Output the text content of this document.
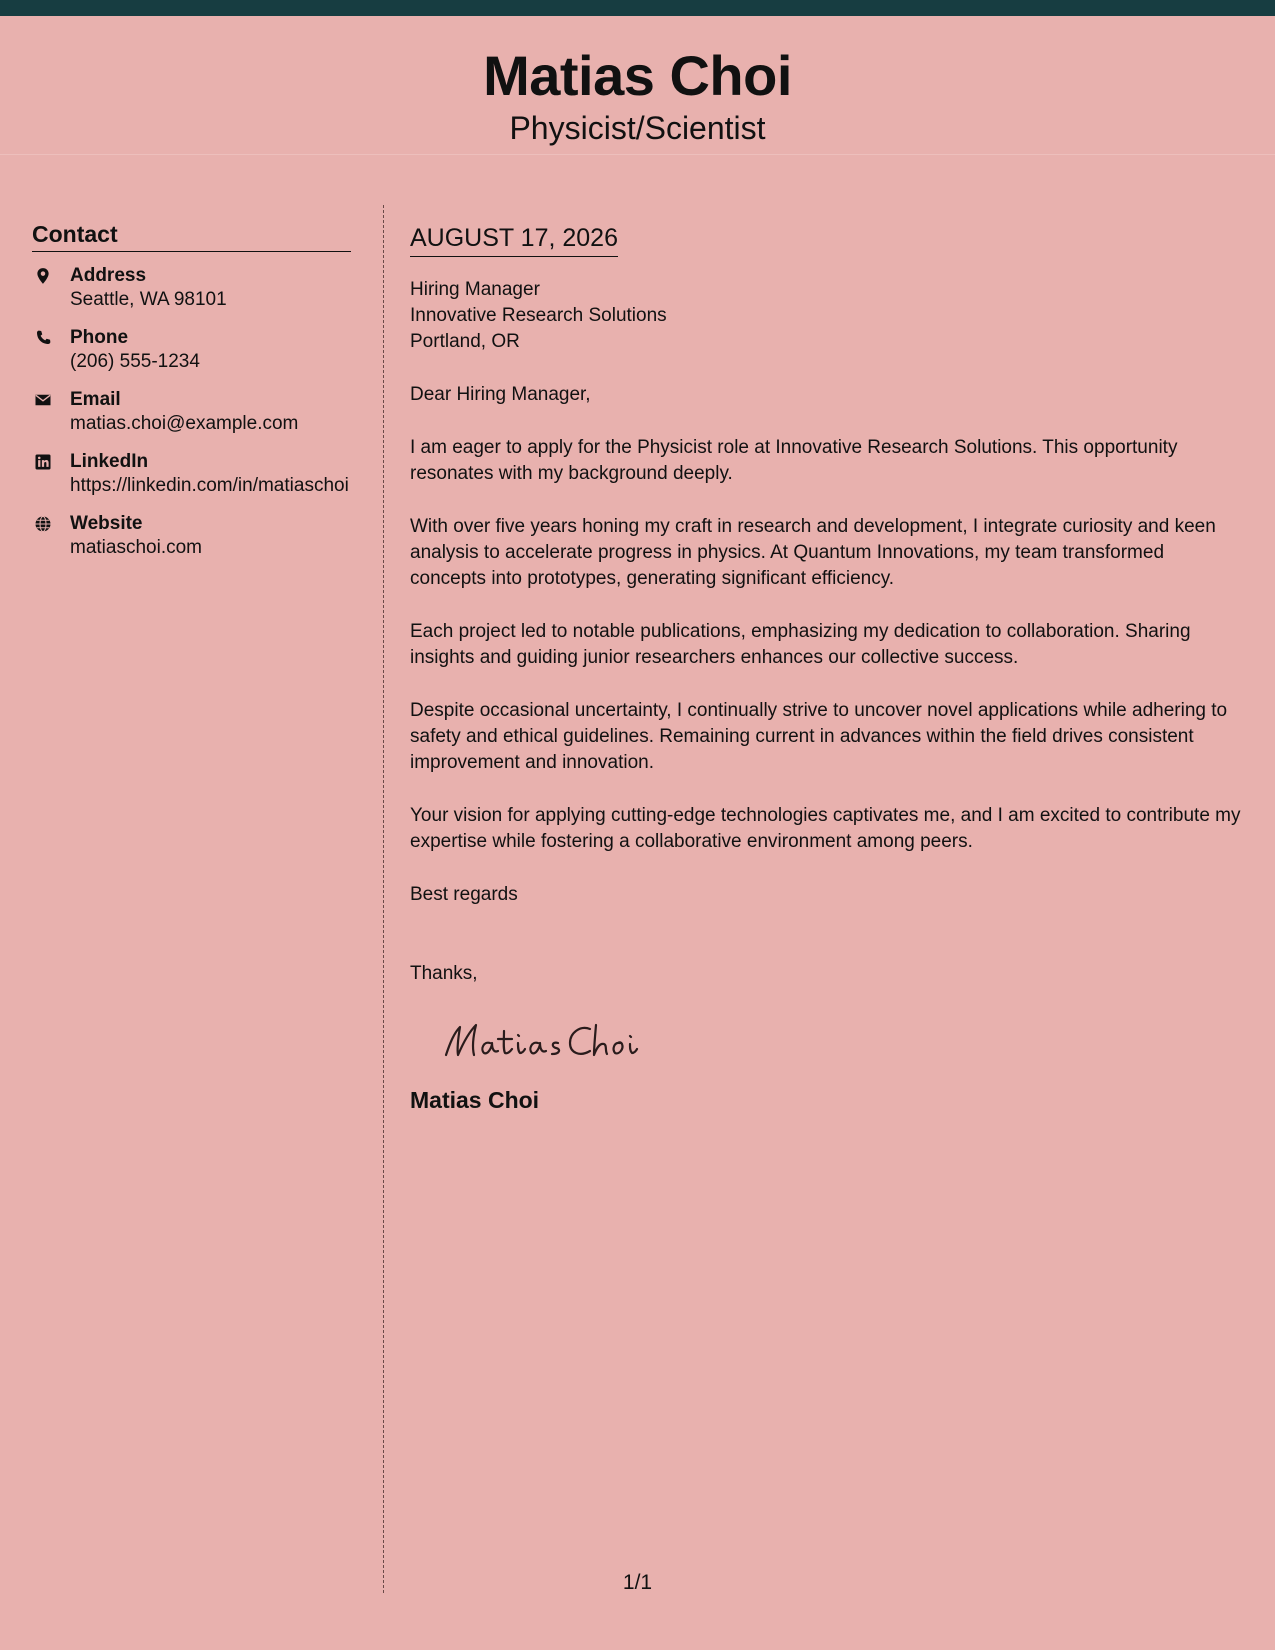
Matias Choi
Physicist/Scientist
Contact
Address
Seattle, WA 98101
Phone
(206) 555-1234
Email
matias.choi@example.com
LinkedIn
https://linkedin.com/in/matiaschoi
Website
matiaschoi.com
AUGUST 17, 2026
Hiring Manager
Innovative Research Solutions
Portland, OR

Dear Hiring Manager,

I am eager to apply for the Physicist role at Innovative Research Solutions. This opportunity resonates with my background deeply.

With over five years honing my craft in research and development, I integrate curiosity and keen analysis to accelerate progress in physics. At Quantum Innovations, my team transformed concepts into prototypes, generating significant efficiency.

Each project led to notable publications, emphasizing my dedication to collaboration. Sharing insights and guiding junior researchers enhances our collective success.

Despite occasional uncertainty, I continually strive to uncover novel applications while adhering to safety and ethical guidelines. Remaining current in advances within the field drives consistent improvement and innovation.

Your vision for applying cutting-edge technologies captivates me, and I am excited to contribute my expertise while fostering a collaborative environment among peers.

Best regards

Thanks,
Matias Choi
1/1
